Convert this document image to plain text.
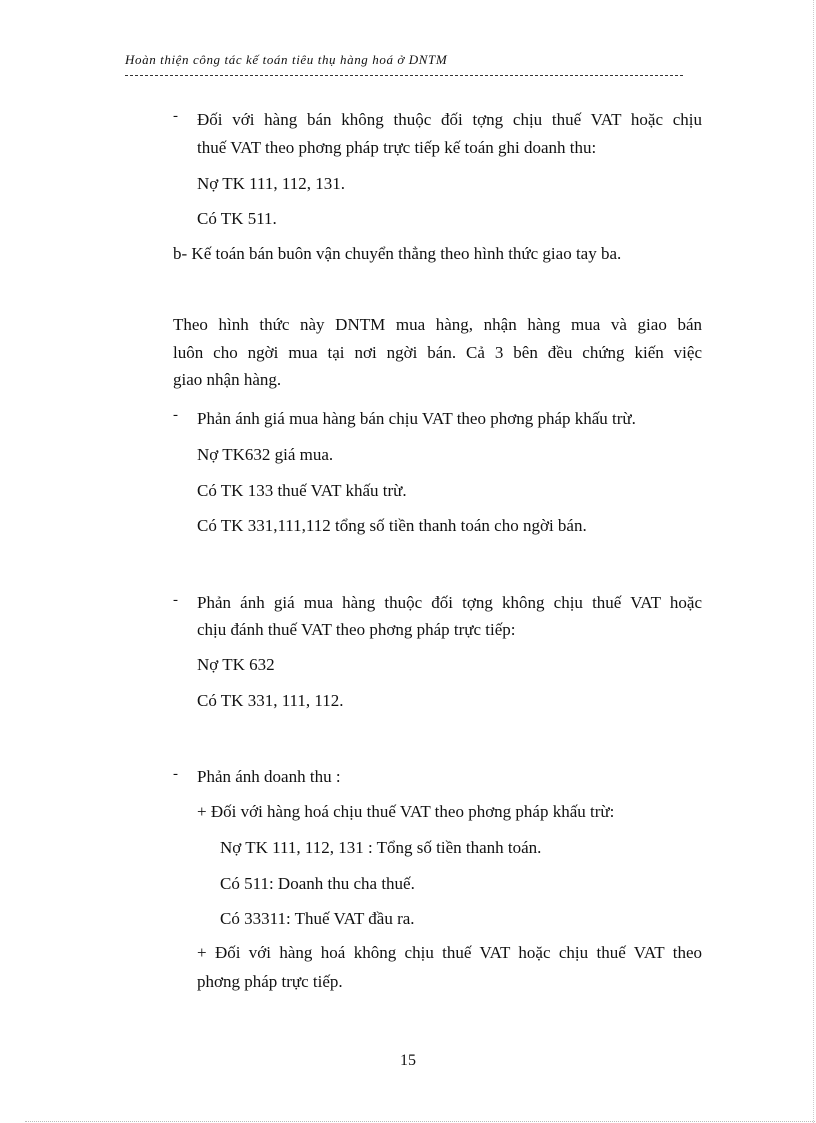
Hoàn thiện công tác kế toán tiêu thụ hàng hoá ở DNTM
- Đối với hàng bán không thuộc đối tợng chịu thuế VAT hoặc chịu
thuế VAT theo phơng pháp trực tiếp kế toán ghi doanh thu:
Nợ TK 111, 112, 131.
Có TK 511.
b- Kế toán bán buôn vận chuyển thẳng theo hình thức giao tay ba.
Theo hình thức này DNTM mua hàng, nhận hàng mua và giao bán
luôn cho ngời mua tại nơi ngời bán. Cả 3 bên đều chứng kiến việc
giao nhận hàng.
- Phản ánh giá mua hàng bán chịu VAT theo phơng pháp khấu trừ.
Nợ TK632 giá mua.
Có TK 133 thuế VAT khấu trừ.
Có TK 331,111,112 tổng số tiền thanh toán cho ngời bán.
- Phản ánh giá mua hàng thuộc đối tợng không chịu thuế VAT hoặc
chịu đánh thuế VAT theo phơng pháp trực tiếp:
Nợ TK 632
Có TK 331, 111, 112.
- Phản ánh doanh thu :
+ Đối với hàng hoá chịu thuế VAT theo phơng pháp khấu trừ:
Nợ TK 111, 112, 131 : Tổng số tiền thanh toán.
Có 511: Doanh thu cha thuế.
Có 33311: Thuế VAT đầu ra.
+ Đối với hàng hoá không chịu thuế VAT hoặc chịu thuế VAT theo
phơng pháp trực tiếp.
15
